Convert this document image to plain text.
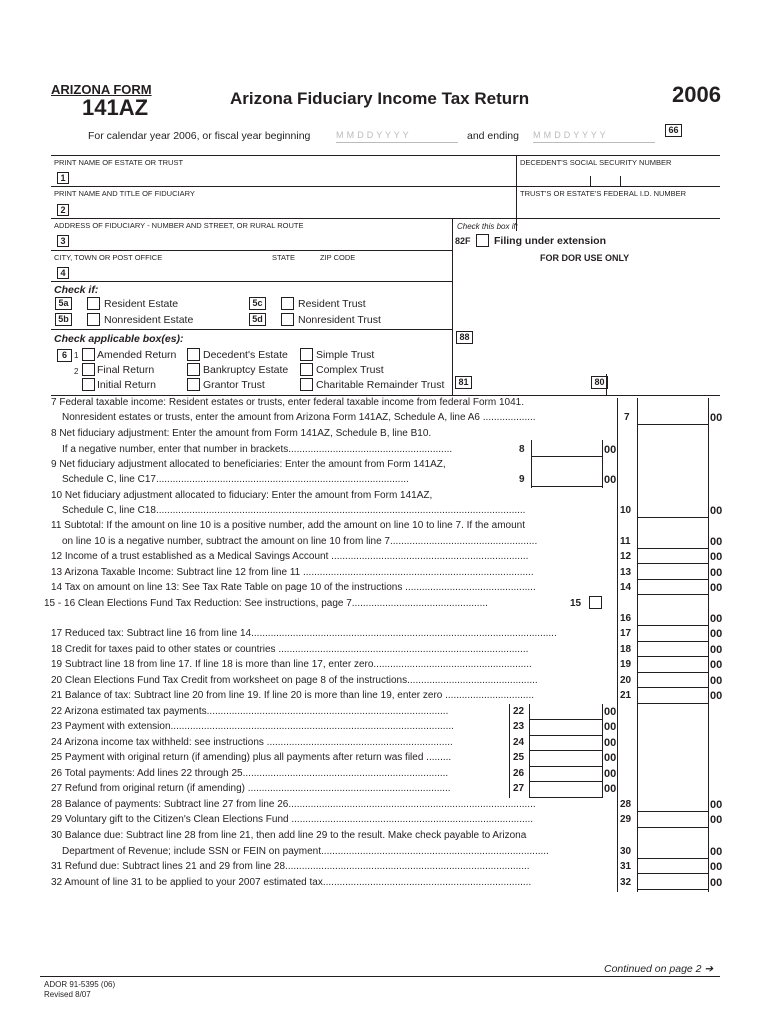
ARIZONA FORM
141AZ	Arizona Fiduciary Income Tax Return	2006
For calendar year 2006, or fiscal year beginning	M M D D Y Y Y Y	and ending M M D D Y Y Y Y	66
PRINT NAME OF ESTATE OR TRUST	DECEDENT'S SOCIAL SECURITY NUMBER
1
PRINT NAME AND TITLE OF FIDUCIARY	TRUST'S OR ESTATE'S FEDERAL I.D. NUMBER
2
ADDRESS OF FIDUCIARY - NUMBER AND STREET, OR RURAL ROUTE
3
Check this box if:
82F Filing under extension
CITY, TOWN OR POST OFFICE	STATE	ZIP CODE	FOR DOR USE ONLY
4
Check if:
5a	Resident Estate
5b	Nonresident Estate
5c	Resident Trust
5d	Nonresident Trust
88
Check applicable box(es):
6 1
2
Amended Return
Final Return
Initial Return
Decedent's Estate
Bankruptcy Estate
Grantor Trust
Simple Trust
Complex Trust
Charitable Remainder Trust	81	80
7 Federal taxable income: Resident estates or trusts, enter federal taxable income from federal Form 1041.
Nonresident estates or trusts, enter the amount from Arizona Form 141AZ, Schedule A, line A6 ...................	7	00
8 Net fiduciary adjustment: Enter the amount from Form 141AZ, Schedule B, line B10.
If a negative number, enter that number in brackets...........................................................	8	00
9 Net fiduciary adjustment allocated to beneficiaries: Enter the amount from Form 141AZ,
Schedule C, line C17...........................................................................................	9	00
10 Net fiduciary adjustment allocated to fiduciary: Enter the amount from Form 141AZ,
Schedule C, line C18.....................................................................................................................................	10	00
11 Subtotal: If the amount on line 10 is a positive number, add the amount on line 10 to line 7. If the amount
on line 10 is a negative number, subtract the amount on line 10 from line 7.....................................................	11	00
12 Income of a trust established as a Medical Savings Account .......................................................................	12	00
13 Arizona Taxable Income: Subtract line 12 from line 11 ...................................................................................	13	00
14 Tax on amount on line 13: See Tax Rate Table on page 10 of the instructions ...............................................	14	00
15 - 16 Clean Elections Fund Tax Reduction: See instructions, page 7.................................................	15
16	00
17 Reduced tax: Subtract line 16 from line 14..............................................................................................................	17	00
18 Credit for taxes paid to other states or countries ..........................................................................................	18	00
19 Subtract line 18 from line 17. If line 18 is more than line 17, enter zero.........................................................	19	00
20 Clean Elections Fund Tax Credit from worksheet on page 8 of the instructions...............................................	20	00
21 Balance of tax: Subtract line 20 from line 19. If line 20 is more than line 19, enter zero ................................	21	00
22 Arizona estimated tax payments.......................................................................................	22	00
23 Payment with extension......................................................................................................	23	00
24 Arizona income tax withheld: see instructions ...................................................................	24	00
25 Payment with original return (if amending) plus all payments after return was filed .........	25	00
26 Total payments: Add lines 22 through 25..........................................................................	26	00
27 Refund from original return (if amending) .........................................................................	27	00
28 Balance of payments: Subtract line 27 from line 26.........................................................................................	28	00
29 Voluntary gift to the Citizen's Clean Elections Fund .......................................................................................	29	00
30 Balance due: Subtract line 28 from line 21, then add line 29 to the result. Make check payable to Arizona
Department of Revenue; include SSN or FEIN on payment..................................................................................	30	00
31 Refund due: Subtract lines 21 and 29 from line 28........................................................................................	31	00
32 Amount of line 31 to be applied to your 2007 estimated tax...........................................................................	32	00
Continued on page 2 ➔
ADOR 91-5395 (06)
Revised 8/07
